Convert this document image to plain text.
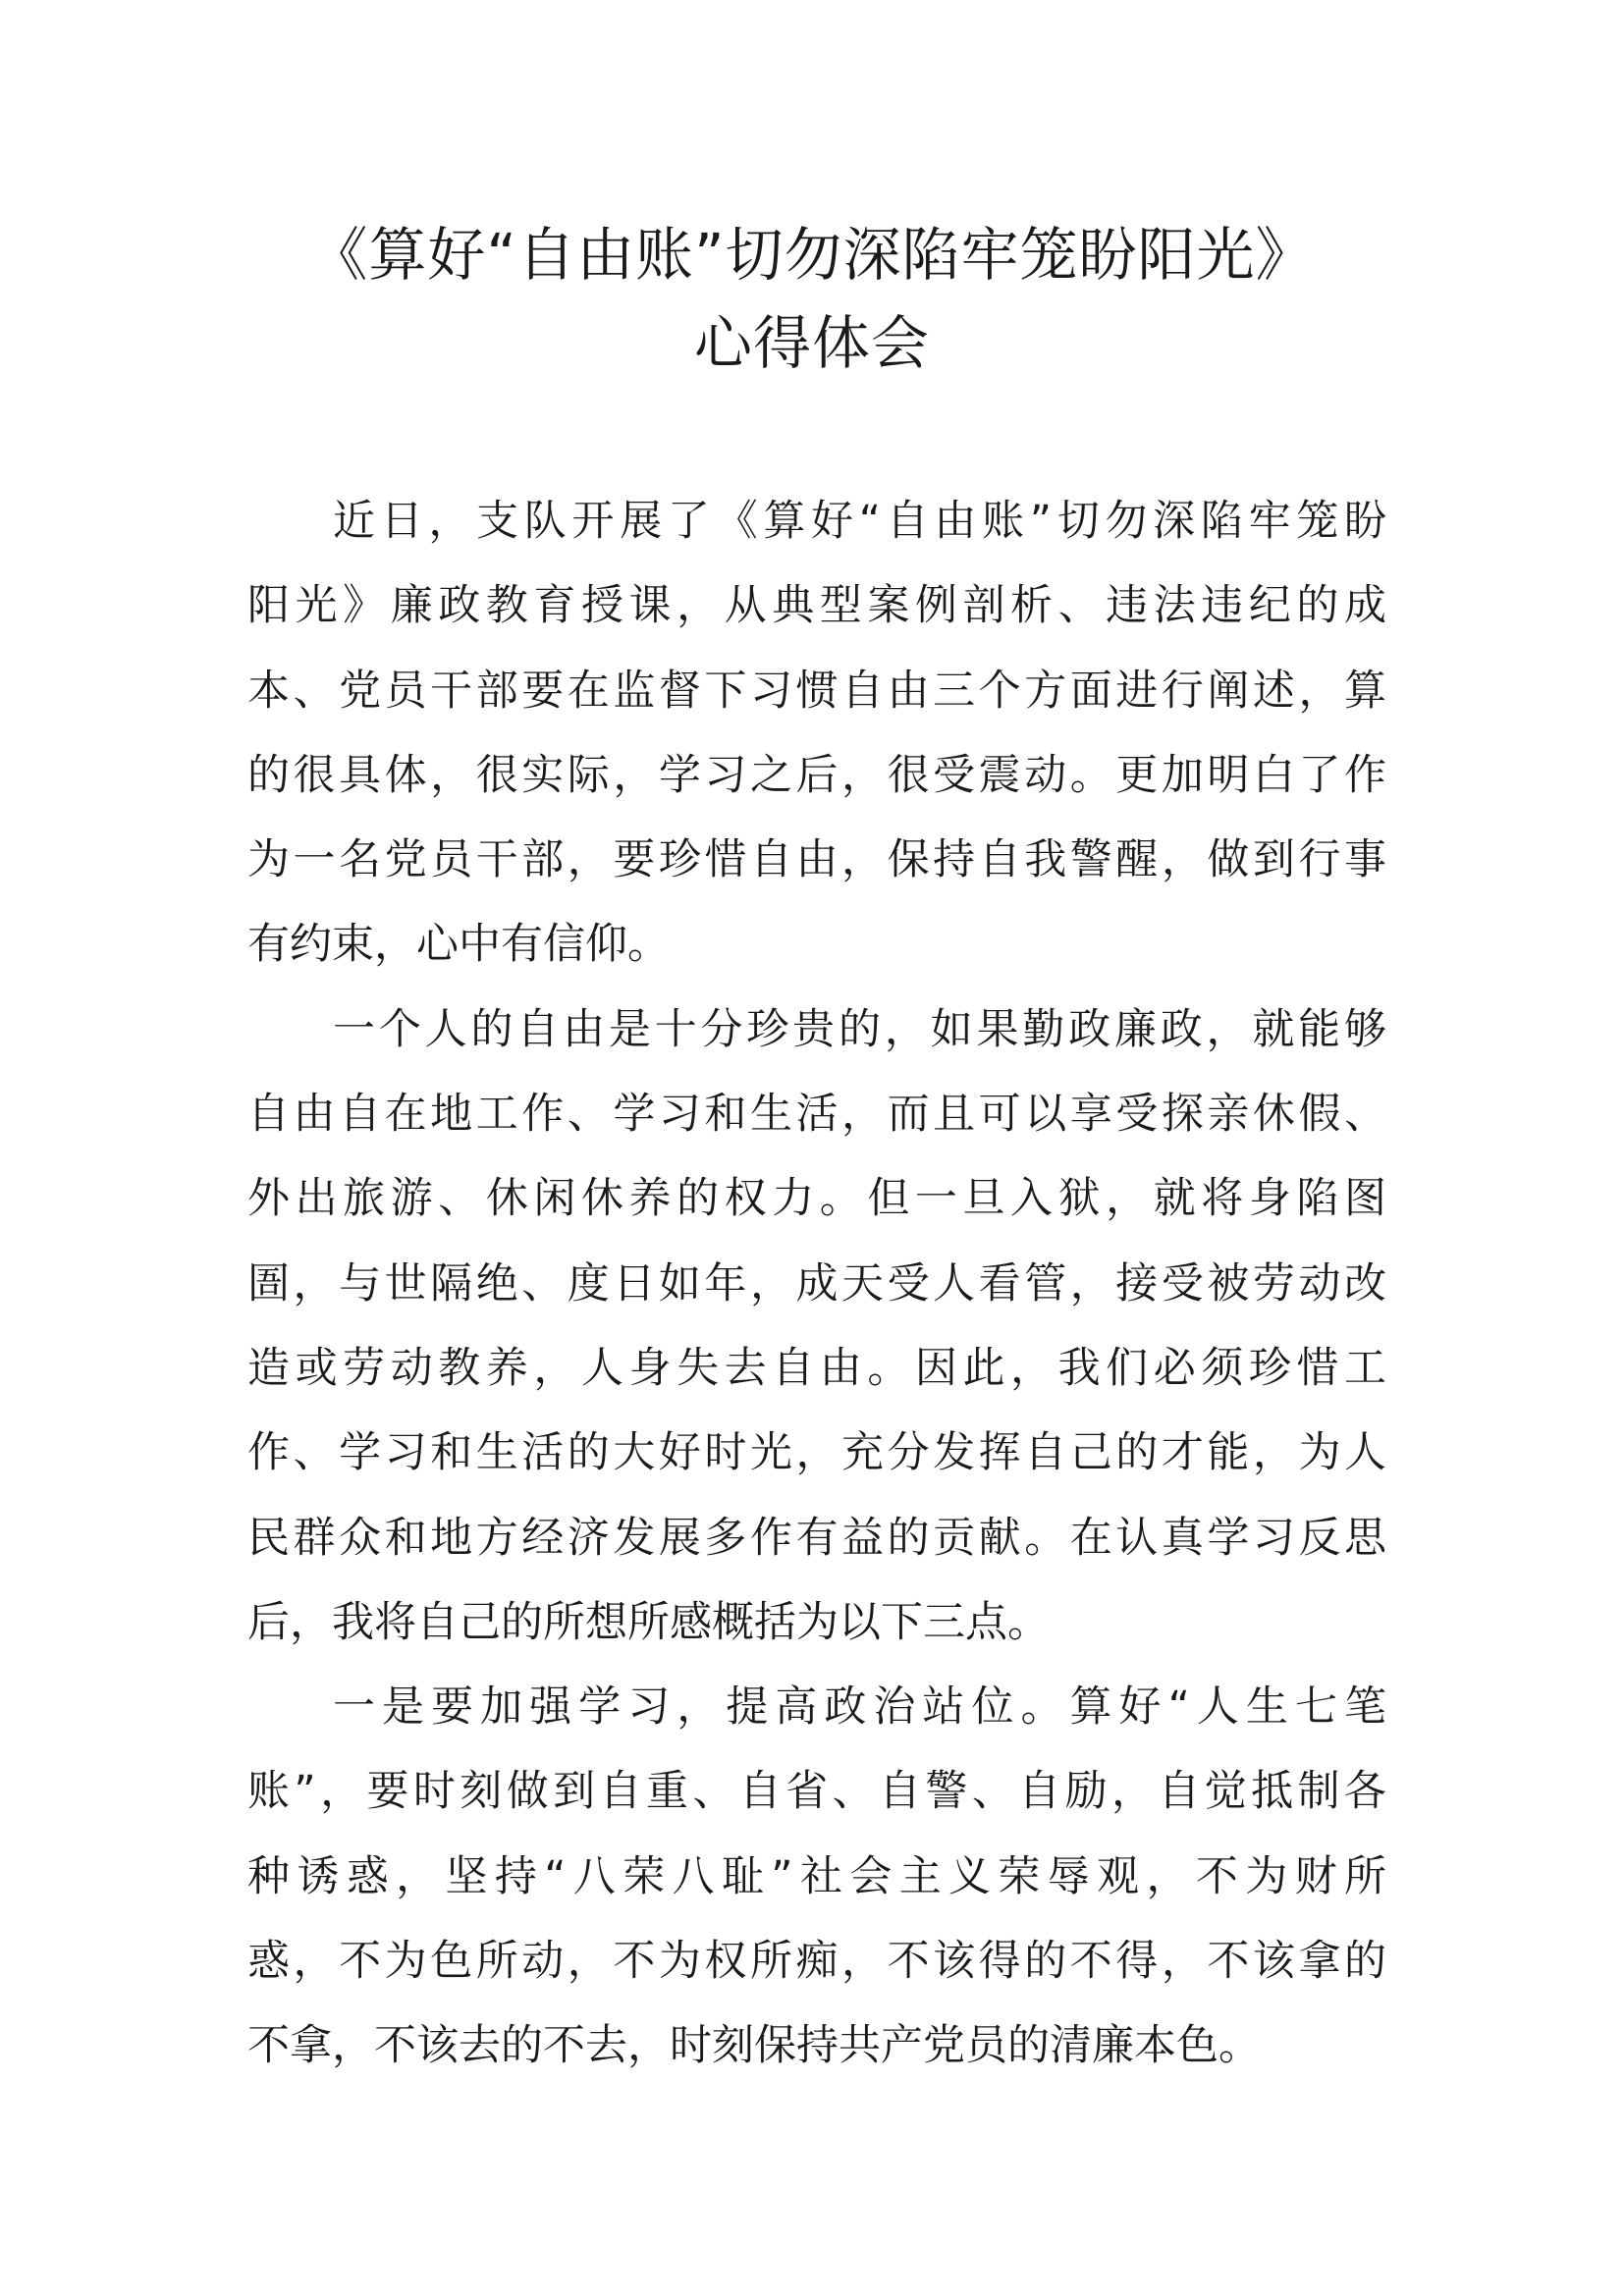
《算好“自由账”切勿深陷牢笼盼阳光》
心得体会
近日，支队开展了《算好“自由账”切勿深陷牢笼盼
阳光》廉政教育授课，从典型案例剖析、违法违纪的成
本、党员干部要在监督下习惯自由三个方面进行阐述，算
的很具体，很实际，学习之后，很受震动。更加明白了作
为一名党员干部，要珍惜自由，保持自我警醒，做到行事
有约束，心中有信仰。
一个人的自由是十分珍贵的，如果勤政廉政，就能够
自由自在地工作、学习和生活，而且可以享受探亲休假、
外出旅游、休闲休养的权力。但一旦入狱，就将身陷图
圄，与世隔绝、度日如年，成天受人看管，接受被劳动改
造或劳动教养，人身失去自由。因此，我们必须珍惜工
作、学习和生活的大好时光，充分发挥自己的才能，为人
民群众和地方经济发展多作有益的贡献。在认真学习反思
后，我将自己的所想所感概括为以下三点。
一是要加强学习，提高政治站位。算好“人生七笔
账”，要时刻做到自重、自省、自警、自励，自觉抵制各
种诱惑，坚持“八荣八耻”社会主义荣辱观，不为财所
惑，不为色所动，不为权所痴，不该得的不得，不该拿的
不拿，不该去的不去，时刻保持共产党员的清廉本色。
